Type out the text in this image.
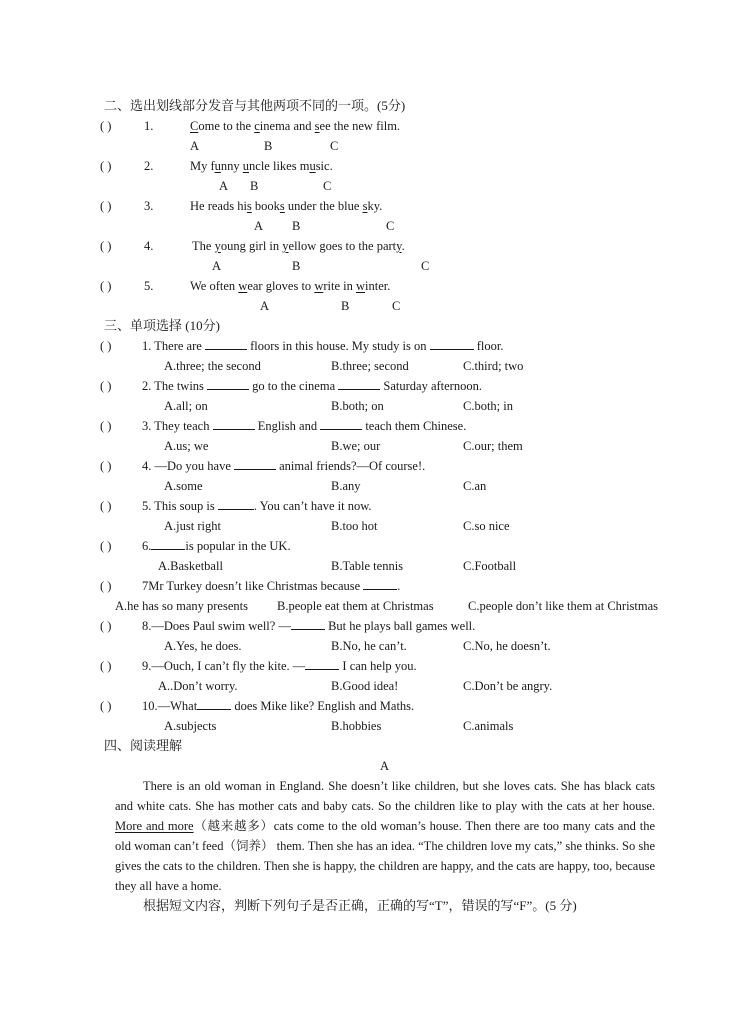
二、选出划线部分发音与其他两项不同的一项。(5分)
( )	1.	Come to the cinema and see the new film.
A	B	C
( )	2.	My funny uncle likes music.
A B	C
( )	3.	He reads his books under the blue sky.
A B	C
( )	4.	The young girl in yellow goes to the party.
A	B	C
( )	5.	We often wear gloves to write in winter.
A	B	C
三、单项选择 (10分)
( ) 1. There are	floors in this house. My study is on	floor.
A.three; the second	B.three; second	C.third; two
( ) 2. The twins	go to the cinema	Saturday afternoon.
A.all; on	B.both; on	C.both; in
( ) 3. They teach	English and	teach them Chinese.
A.us; we	B.we; our	C.our; them
( ) 4. —Do you have	animal friends?—Of course!.
A.some	B.any	C.an
( ) 5. This soup is	. You can’t have it now.
A.just right	B.too hot	C.so nice
( ) 6.	is popular in the UK.
A.Basketball	B.Table tennis	C.Football
( ) 7Mr Turkey doesn’t like Christmas because	.
A.he has so many presents B.people eat them at Christmas	C.people don’t like them at Christmas
( ) 8.—Does Paul swim well? —	But he plays ball games well.
A.Yes, he does.	B.No, he can’t.	C.No, he doesn’t.
( ) 9.—Ouch, I can’t fly the kite. —	I can help you.
A..Don’t worry.	B.Good idea!	C.Don’t be angry.
( ) 10.—What	does Mike like? English and Maths.
A.subjects	B.hobbies	C.animals
四、阅读理解
A
There is an old woman in England. She doesn’t like children, but she loves cats. She has black cats and white cats. She has mother cats and baby cats. So the children like to play with the cats at her house. More and more（越来越多）cats come to the old woman’s house. Then there are too many cats and the old woman can’t feed（饲养） them. Then she has an idea. “The children love my cats,” she thinks. So she gives the cats to the children. Then she is happy, the children are happy, and the cats are happy, too, because they all have a home.
根据短文内容，判断下列句子是否正确，正确的写“T”，错误的写“F”。(5 分)
